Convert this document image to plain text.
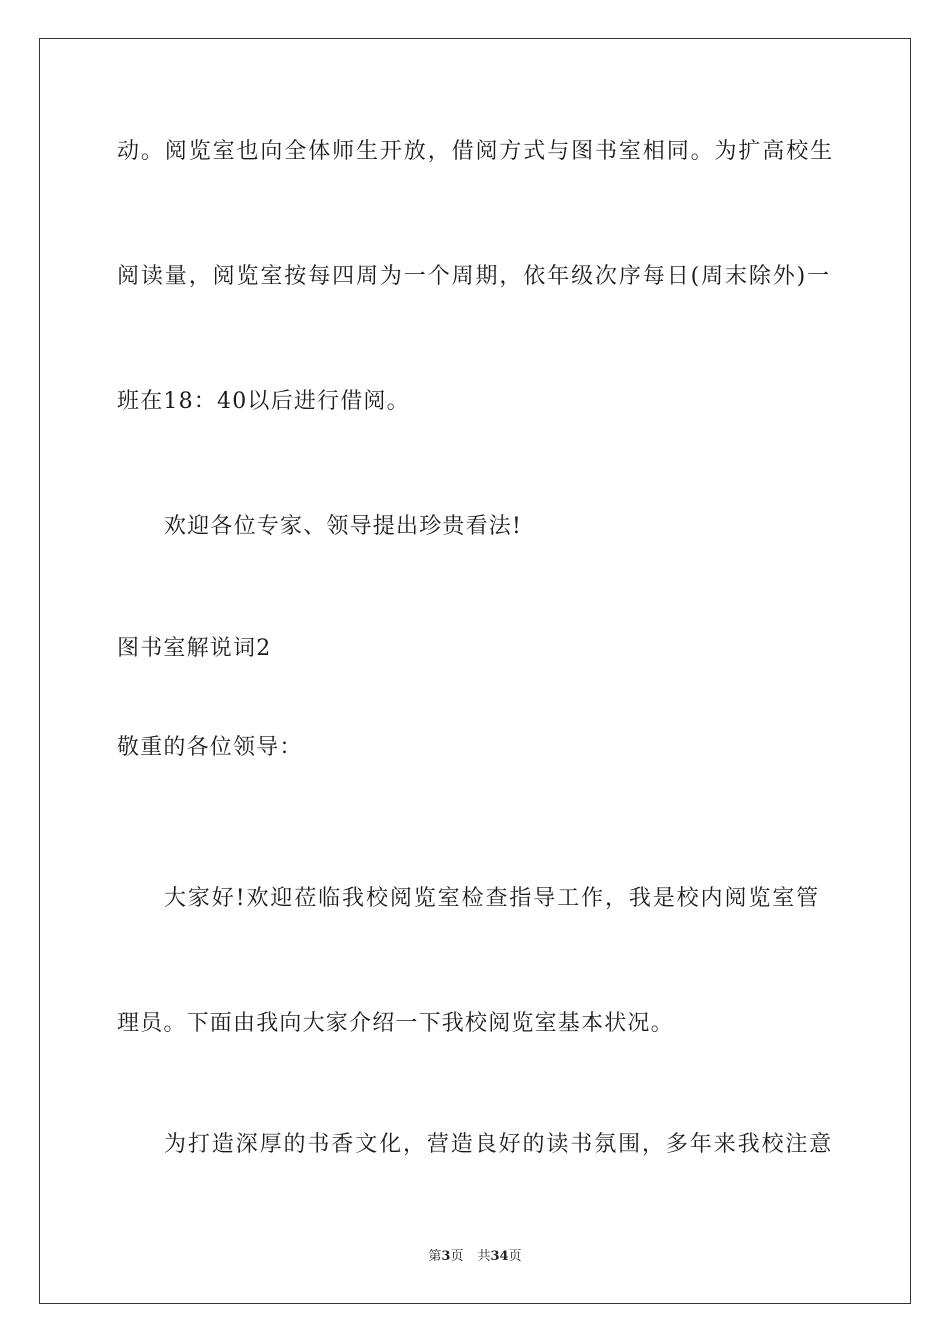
动。阅览室也向全体师生开放，借阅方式与图书室相同。为扩高校生
阅读量，阅览室按每四周为一个周期，依年级次序每日(周末除外)一
班在18：40以后进行借阅。
欢迎各位专家、领导提出珍贵看法!
图书室解说词2
敬重的各位领导：
大家好!欢迎莅临我校阅览室检查指导工作，我是校内阅览室管
理员。下面由我向大家介绍一下我校阅览室基本状况。
为打造深厚的书香文化，营造良好的读书氛围，多年来我校注意
第3页 共34页
